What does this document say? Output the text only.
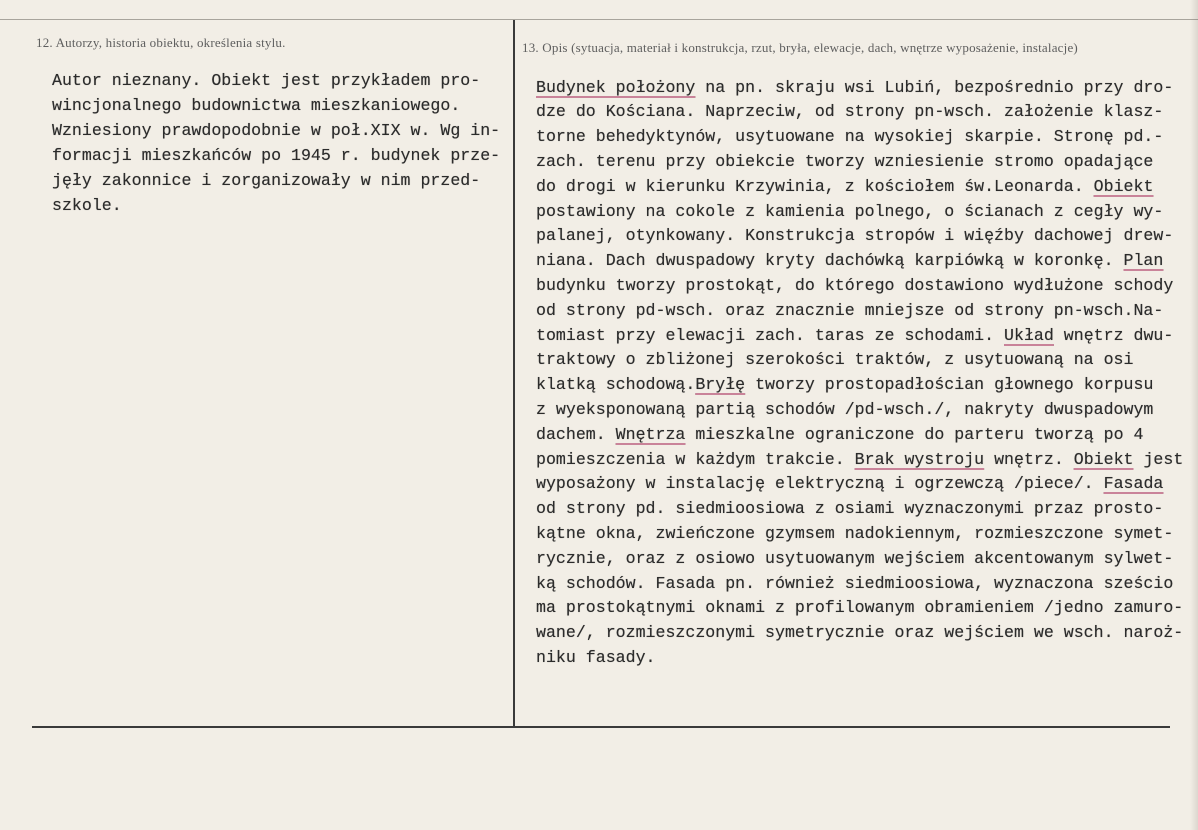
12. Autorzy, historia obiektu, określenia stylu.	13. Opis (sytuacja, materiał i konstrukcja, rzut, bryła, elewacje, dach, wnętrze wyposażenie, instalacje)
Autor nieznany. Obiekt jest przykładem pro-
wincjonalnego budownictwa mieszkaniowego.
Wzniesiony prawdopodobnie w poł.XIX w. Wg in-
formacji mieszkańców po 1945 r. budynek prze-
jęły zakonnice i zorganizowały w nim przed-
szkole.
Budynek położony na pn. skraju wsi Lubiń, bezpośrednio przy dro-
dze do Kościana. Naprzeciw, od strony pn-wsch. założenie klasz-
torne behedyktynów, usytuowane na wysokiej skarpie. Stronę pd.-
zach. terenu przy obiekcie tworzy wzniesienie stromo opadające
do drogi w kierunku Krzywinia, z kościołem św.Leonarda. Obiekt
postawiony na cokole z kamienia polnego, o ścianach z cegły wy-
palanej, otynkowany. Konstrukcja stropów i więźby dachowej drew-
niana. Dach dwuspadowy kryty dachówką karpiówką w koronkę. Plan
budynku tworzy prostokąt, do którego dostawiono wydłużone schody
od strony pd-wsch. oraz znacznie mniejsze od strony pn-wsch.Na-
tomiast przy elewacji zach. taras ze schodami. Układ wnętrz dwu-
traktowy o zbliżonej szerokości traktów, z usytuowaną na osi
klatką schodową.Bryłę tworzy prostopadłościan głownego korpusu
z wyeksponowaną partią schodów /pd-wsch./, nakryty dwuspadowym
dachem. Wnętrza mieszkalne ograniczone do parteru tworzą po 4
pomieszczenia w każdym trakcie. Brak wystroju wnętrz. Obiekt jest
wyposażony w instalację elektryczną i ogrzewczą /piece/. Fasada
od strony pd. siedmioosiowa z osiami wyznaczonymi przaz prosto-
kątne okna, zwieńczone gzymsem nadokiennym, rozmieszczone symet-
rycznie, oraz z osiowo usytuowanym wejściem akcentowanym sylwet-
ką schodów. Fasada pn. również siedmioosiowa, wyznaczona sześcio
ma prostokątnymi oknami z profilowanym obramieniem /jedno zamuro-
wane/, rozmieszczonymi symetrycznie oraz wejściem we wsch. naroż-
niku fasady.
